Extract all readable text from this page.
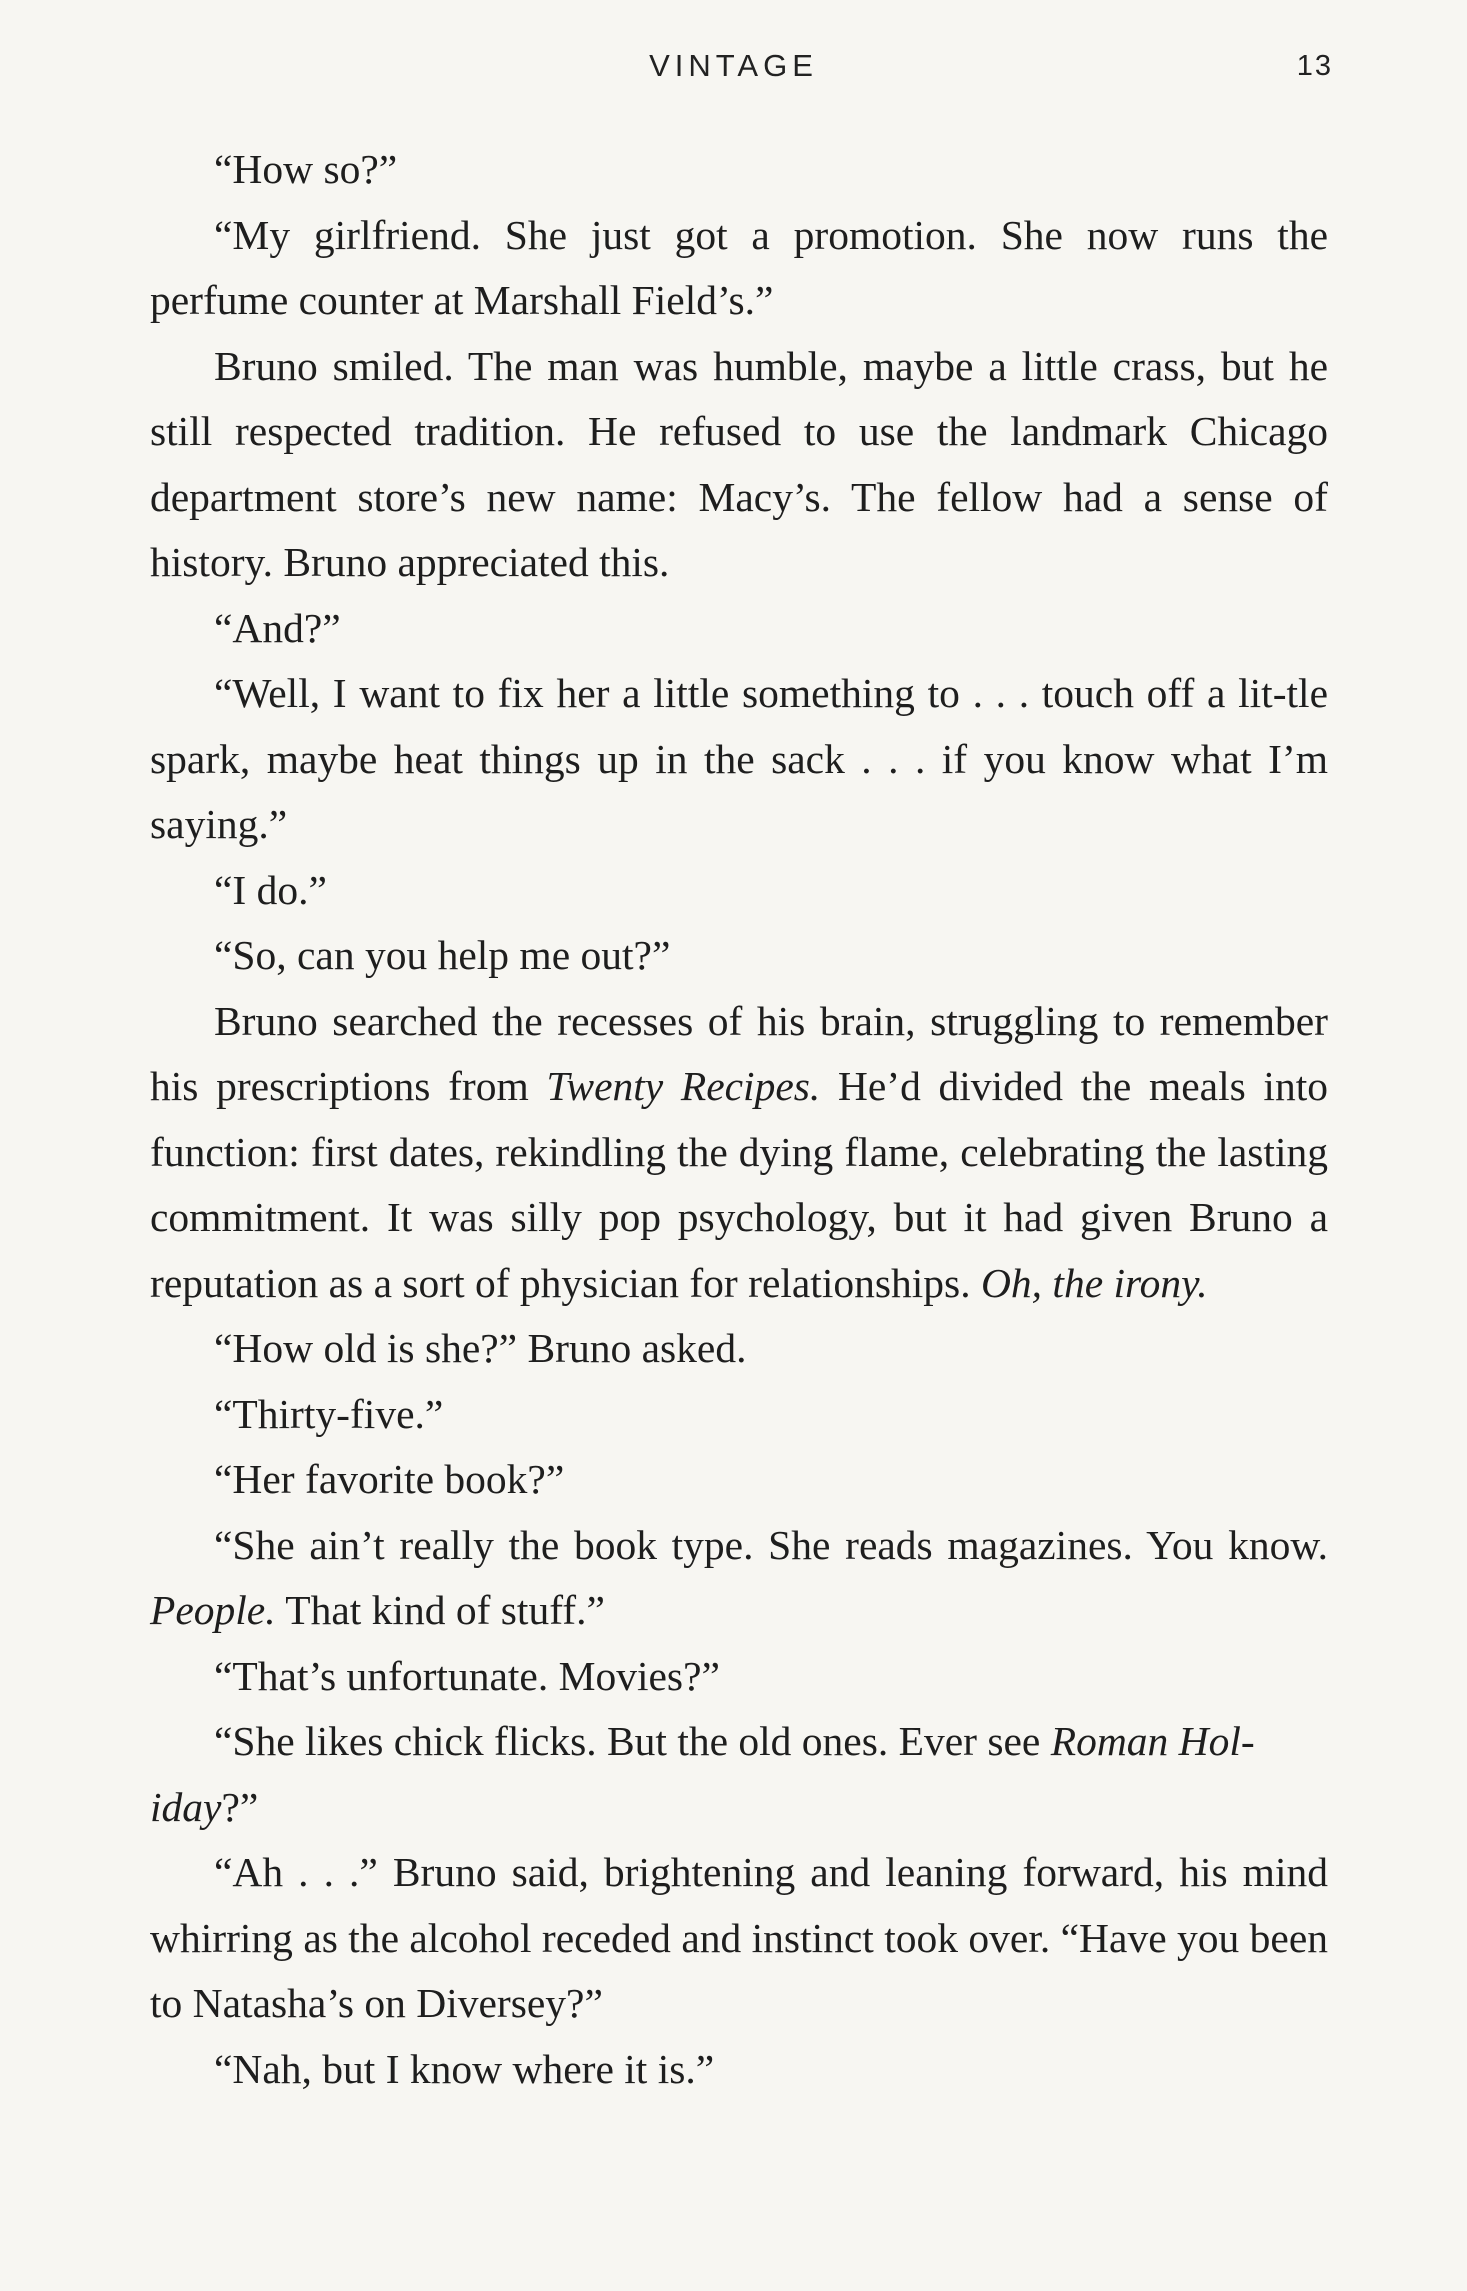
VINTAGE	13

“How so?”

“My girlfriend. She just got a promotion. She now runs the perfume counter at Marshall Field’s.”

Bruno smiled. The man was humble, maybe a little crass, but he still respected tradition. He refused to use the landmark Chicago department store’s new name: Macy’s. The fellow had a sense of history. Bruno appreciated this.

“And?”

“Well, I want to fix her a little something to . . . touch off a lit-tle spark, maybe heat things up in the sack . . . if you know what I’m saying.”

“I do.”

“So, can you help me out?”

Bruno searched the recesses of his brain, struggling to remember his prescriptions from Twenty Recipes. He’d divided the meals into function: first dates, rekindling the dying flame, celebrating the lasting commitment. It was silly pop psychology, but it had given Bruno a reputation as a sort of physician for relationships. Oh, the irony.

“How old is she?” Bruno asked.

“Thirty-five.”

“Her favorite book?”

“She ain’t really the book type. She reads magazines. You know. People. That kind of stuff.”

“That’s unfortunate. Movies?”

“She likes chick flicks. But the old ones. Ever see Roman Hol-iday?”

“Ah . . .” Bruno said, brightening and leaning forward, his mind whirring as the alcohol receded and instinct took over. “Have you been to Natasha’s on Diversey?”

“Nah, but I know where it is.”
